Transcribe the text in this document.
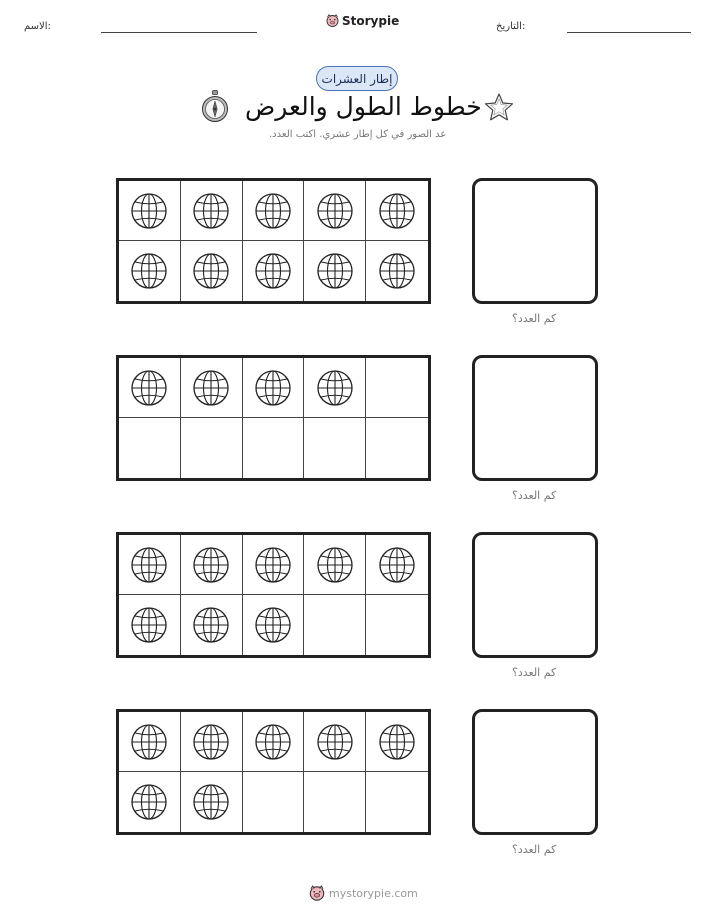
الاسم:	Storypie	التاريخ:
إطار العشرات
خطوط الطول والعرض
عد الصور في كل إطار عشري. اكتب العدد.
كم العدد؟
كم العدد؟
كم العدد؟
كم العدد؟
mystorypie.com
